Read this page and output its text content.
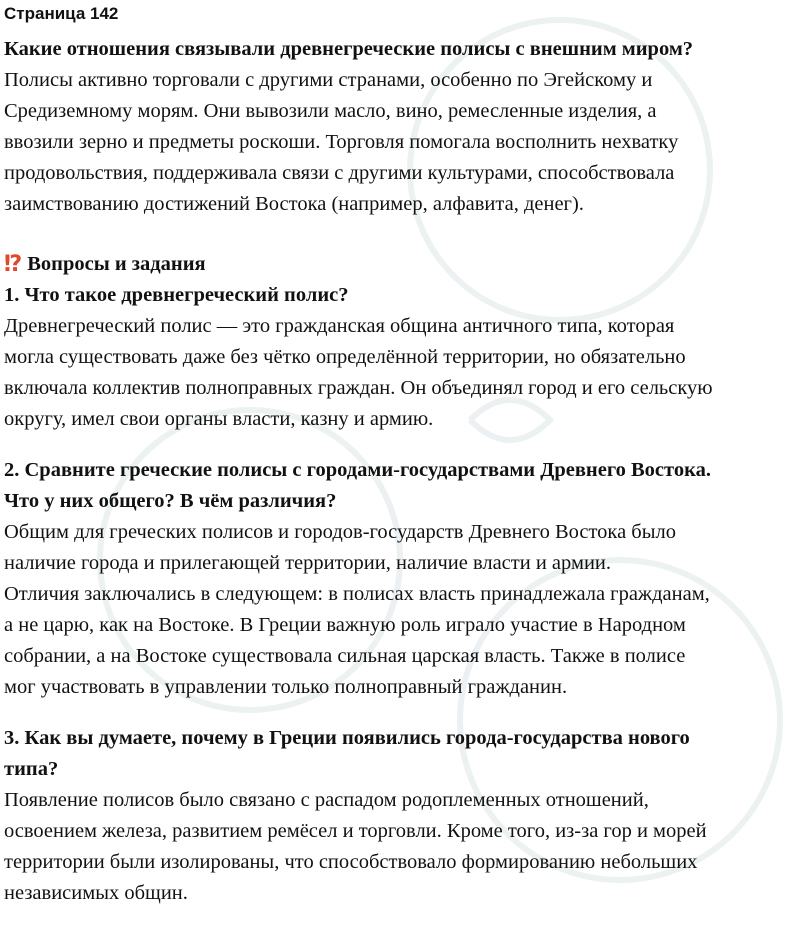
Страница 142

Какие отношения связывали древнегреческие полисы с внешним миром?

Полисы активно торговали с другими странами, особенно по Эгейскому и

Средиземному морям. Они вывозили масло, вино, ремесленные изделия, а

ввозили зерно и предметы роскоши. Торговля помогала восполнить нехватку

продовольствия, поддерживала связи с другими культурами, способствовала

заимствованию достижений Востока (например, алфавита, денег).

⁉ Вопросы и задания

1. Что такое древнегреческий полис?

Древнегреческий полис — это гражданская община античного типа, которая

могла существовать даже без чётко определённой территории, но обязательно

включала коллектив полноправных граждан. Он объединял город и его сельскую

округу, имел свои органы власти, казну и армию.

2. Сравните греческие полисы с городами-государствами Древнего Востока.

Что у них общего? В чём различия?

Общим для греческих полисов и городов-государств Древнего Востока было

наличие города и прилегающей территории, наличие власти и армии.

Отличия заключались в следующем: в полисах власть принадлежала гражданам,

а не царю, как на Востоке. В Греции важную роль играло участие в Народном

собрании, а на Востоке существовала сильная царская власть. Также в полисе

мог участвовать в управлении только полноправный гражданин.

3. Как вы думаете, почему в Греции появились города-государства нового

типа?

Появление полисов было связано с распадом родоплеменных отношений,

освоением железа, развитием ремёсел и торговли. Кроме того, из-за гор и морей

территории были изолированы, что способствовало формированию небольших

независимых общин.
